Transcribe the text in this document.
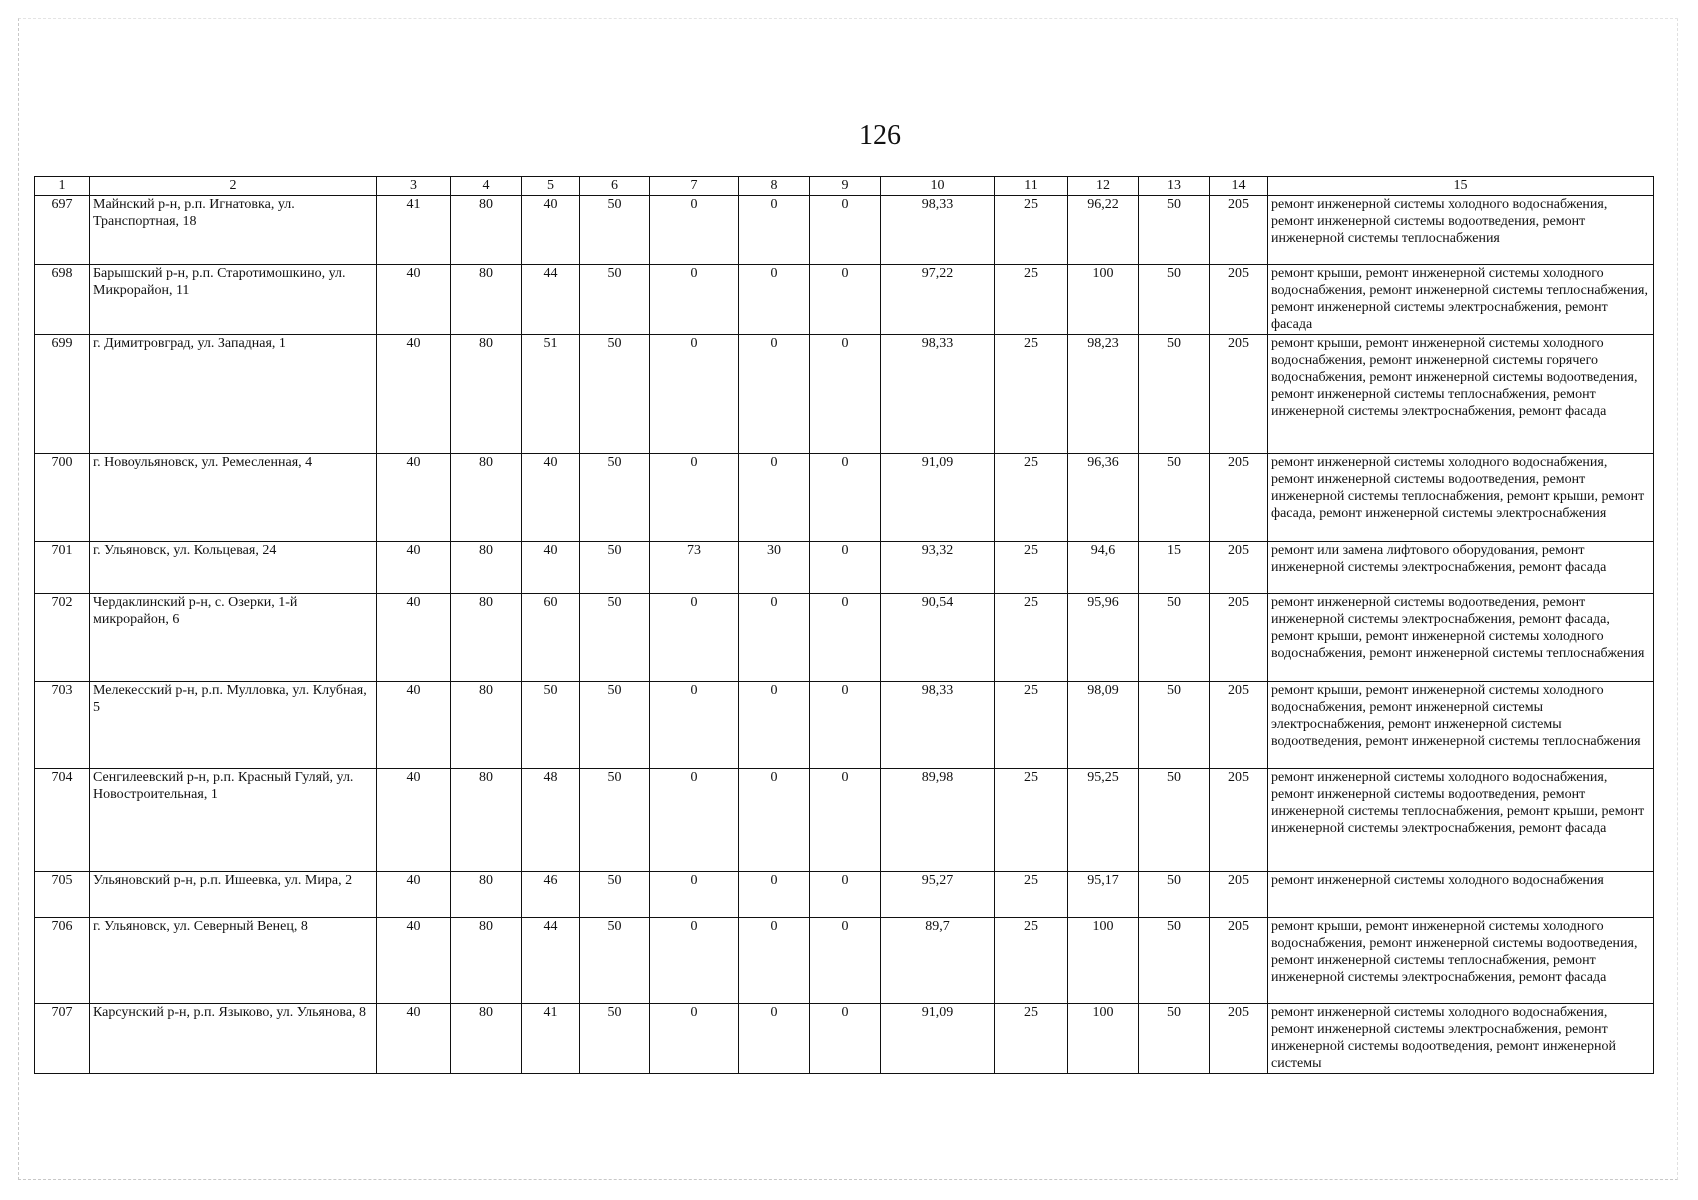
126
1	2	3	4	5	6	7	8	9	10	11	12	13	14	15
697	Майнский р-н, р.п. Игнатовка, ул. Транспортная, 18	41	80	40	50	0	0	0	98,33	25	96,22	50	205	ремонт инженерной системы холодного водоснабжения, ремонт инженерной системы водоотведения, ремонт инженерной системы теплоснабжения
698	Барышский р-н, р.п. Старотимошкино, ул. Микрорайон, 11	40	80	44	50	0	0	0	97,22	25	100	50	205	ремонт крыши, ремонт инженерной системы холодного водоснабжения, ремонт инженерной системы теплоснабжения, ремонт инженерной системы электроснабжения, ремонт фасада
699	г. Димитровград, ул. Западная, 1	40	80	51	50	0	0	0	98,33	25	98,23	50	205	ремонт крыши, ремонт инженерной системы холодного водоснабжения, ремонт инженерной системы горячего водоснабжения, ремонт инженерной системы водоотведения, ремонт инженерной системы теплоснабжения, ремонт инженерной системы электроснабжения, ремонт фасада
700	г. Новоульяновск, ул. Ремесленная, 4	40	80	40	50	0	0	0	91,09	25	96,36	50	205	ремонт инженерной системы холодного водоснабжения, ремонт инженерной системы водоотведения, ремонт инженерной системы теплоснабжения, ремонт крыши, ремонт фасада, ремонт инженерной системы электроснабжения
701	г. Ульяновск, ул. Кольцевая, 24	40	80	40	50	73	30	0	93,32	25	94,6	15	205	ремонт или замена лифтового оборудования, ремонт инженерной системы электроснабжения, ремонт фасада
702	Чердаклинский р-н, с. Озерки, 1-й микрорайон, 6	40	80	60	50	0	0	0	90,54	25	95,96	50	205	ремонт инженерной системы водоотведения, ремонт инженерной системы электроснабжения, ремонт фасада, ремонт крыши, ремонт инженерной системы холодного водоснабжения, ремонт инженерной системы теплоснабжения
703	Мелекесский р-н, р.п. Мулловка, ул. Клубная, 5	40	80	50	50	0	0	0	98,33	25	98,09	50	205	ремонт крыши, ремонт инженерной системы холодного водоснабжения, ремонт инженерной системы электроснабжения, ремонт инженерной системы водоотведения, ремонт инженерной системы теплоснабжения
704	Сенгилеевский р-н, р.п. Красный Гуляй, ул. Новостроительная, 1	40	80	48	50	0	0	0	89,98	25	95,25	50	205	ремонт инженерной системы холодного водоснабжения, ремонт инженерной системы водоотведения, ремонт инженерной системы теплоснабжения, ремонт крыши, ремонт инженерной системы электроснабжения, ремонт фасада
705	Ульяновский р-н, р.п. Ишеевка, ул. Мира, 2	40	80	46	50	0	0	0	95,27	25	95,17	50	205	ремонт инженерной системы холодного водоснабжения
706	г. Ульяновск, ул. Северный Венец, 8	40	80	44	50	0	0	0	89,7	25	100	50	205	ремонт крыши, ремонт инженерной системы холодного водоснабжения, ремонт инженерной системы водоотведения, ремонт инженерной системы теплоснабжения, ремонт инженерной системы электроснабжения, ремонт фасада
707	Карсунский р-н, р.п. Языково, ул. Ульянова, 8	40	80	41	50	0	0	0	91,09	25	100	50	205	ремонт инженерной системы холодного водоснабжения, ремонт инженерной системы электроснабжения, ремонт инженерной системы водоотведения, ремонт инженерной системы
